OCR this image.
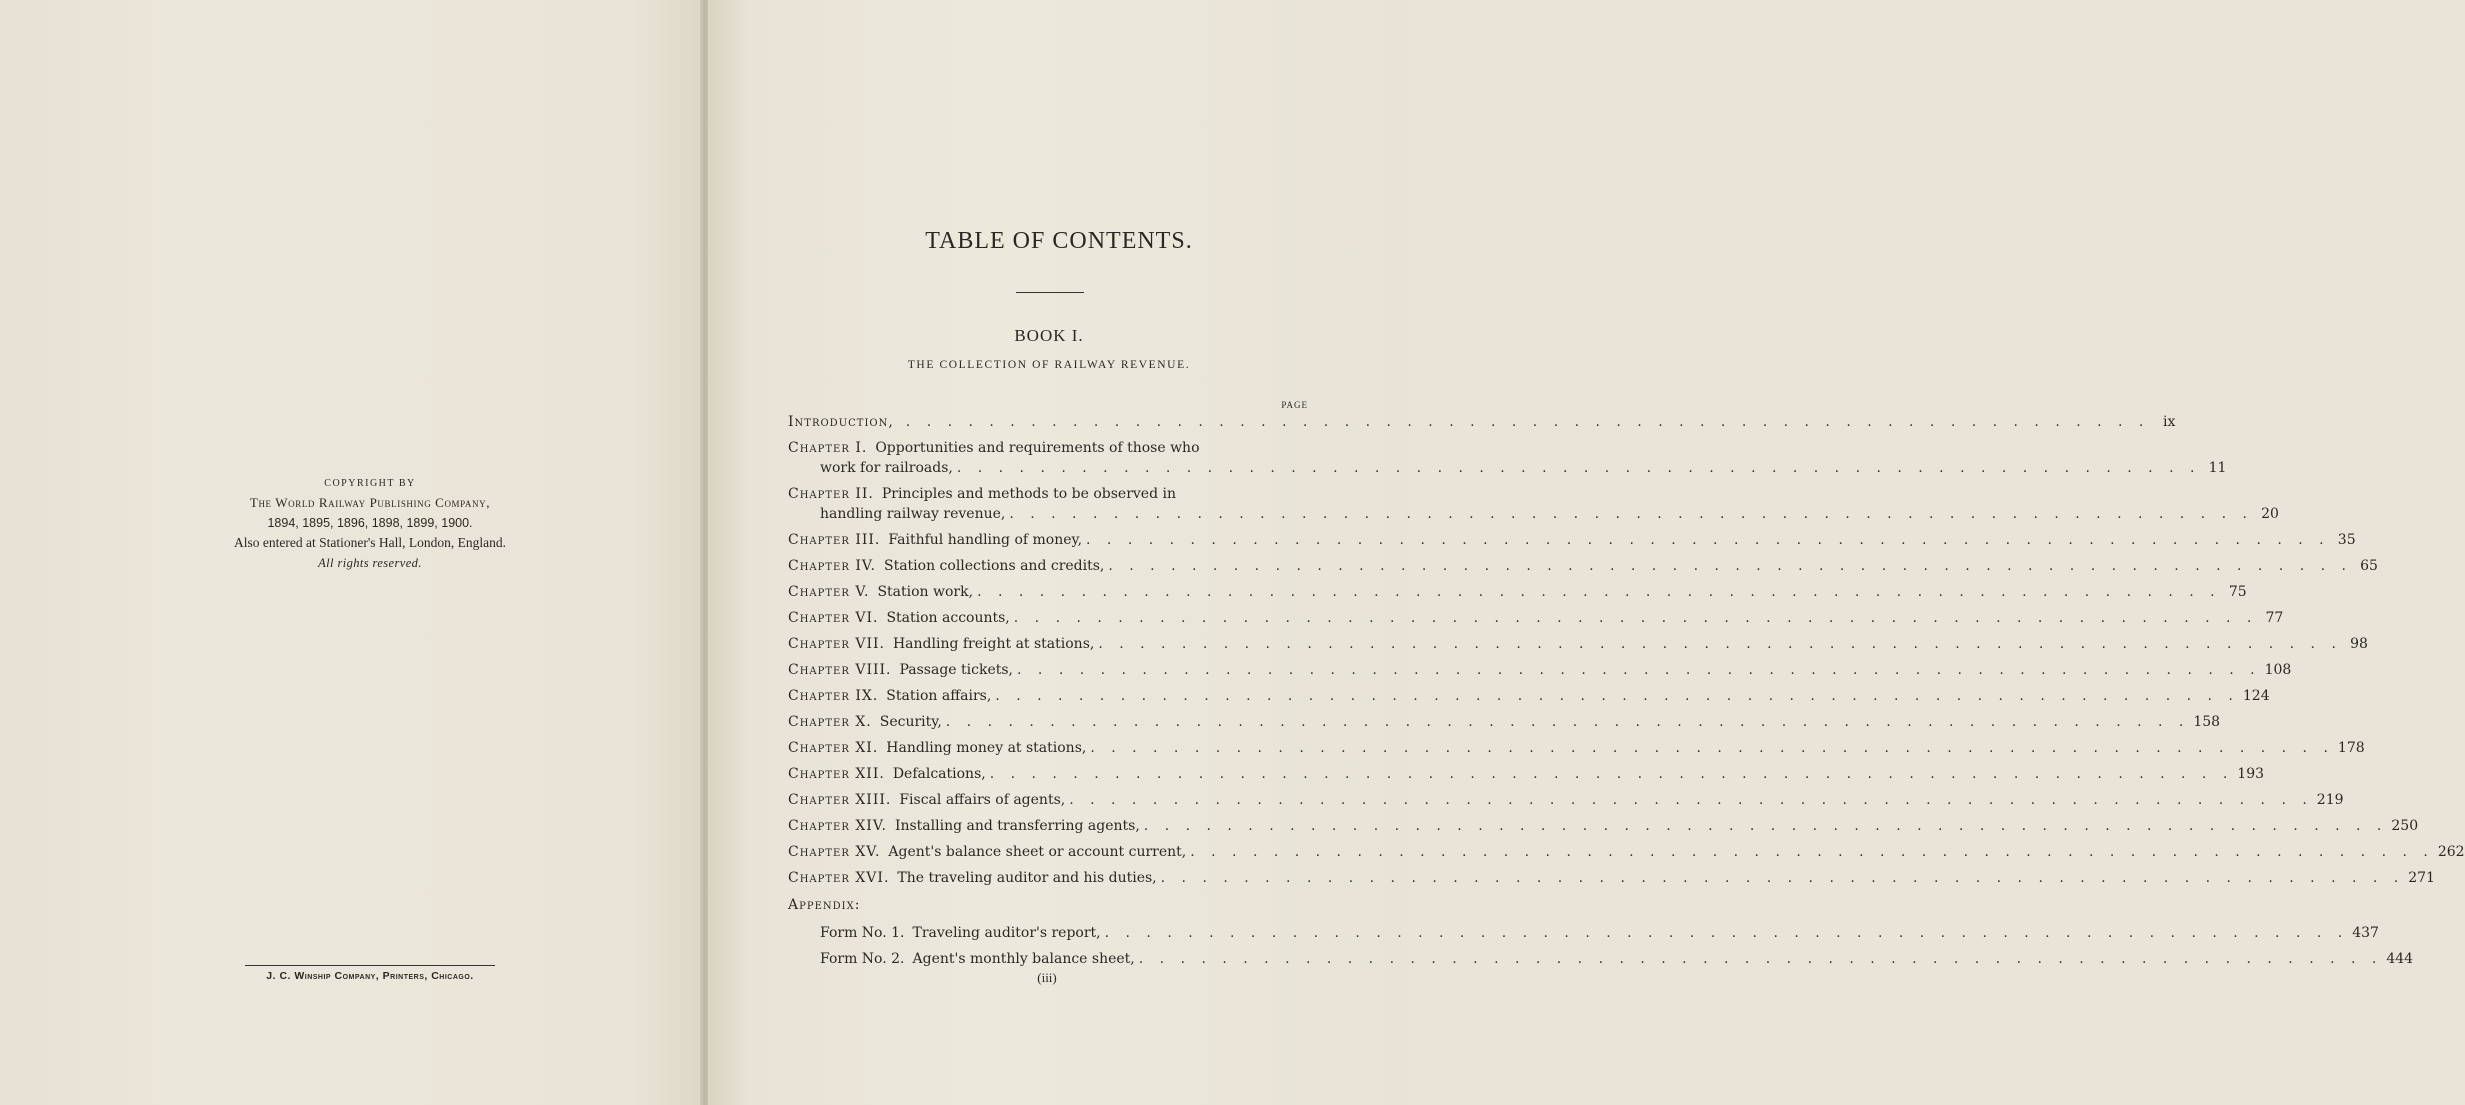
COPYRIGHT BY
The World Railway Publishing Company,
1894, 1895, 1896, 1898, 1899, 1900.
Also entered at Stationer's Hall, London, England.
All rights reserved.
J. C. Winship Company, Printers, Chicago.
TABLE OF CONTENTS.
BOOK I.
THE COLLECTION OF RAILWAY REVENUE.
PAGE
Introduction, . . . . . . . . . . . . . . . . . . . . . . . . . . . . . . . . . . . . . . . . . . . . . . . . . . . . . . . . . . . . ix
Chapter I. Opportunities and requirements of those who
work for railroads, . . . . . . . . . . . . . . . . . . . . . . . . . . . . . . . . . . . . . . . . . . . . . . . . . . . . . . . . . . . . 11
Chapter II. Principles and methods to be observed in
handling railway revenue, . . . . . . . . . . . . . . . . . . . . . . . . . . . . . . . . . . . . . . . . . . . . . . . . . . . . . . . . . . . . 20
Chapter III. Faithful handling of money, . . . . . . . . . . . . . . . . . . . . . . . . . . . . . . . . . . . . . . . . . . . . . . . . . . . . . . . . . . . . 35
Chapter IV. Station collections and credits, . . . . . . . . . . . . . . . . . . . . . . . . . . . . . . . . . . . . . . . . . . . . . . . . . . . . . . . . . . . . 65
Chapter V. Station work, . . . . . . . . . . . . . . . . . . . . . . . . . . . . . . . . . . . . . . . . . . . . . . . . . . . . . . . . . . . . 75
Chapter VI. Station accounts, . . . . . . . . . . . . . . . . . . . . . . . . . . . . . . . . . . . . . . . . . . . . . . . . . . . . . . . . . . . . 77
Chapter VII. Handling freight at stations, . . . . . . . . . . . . . . . . . . . . . . . . . . . . . . . . . . . . . . . . . . . . . . . . . . . . . . . . . . . . 98
Chapter VIII. Passage tickets, . . . . . . . . . . . . . . . . . . . . . . . . . . . . . . . . . . . . . . . . . . . . . . . . . . . . . . . . . . . . 108
Chapter IX. Station affairs, . . . . . . . . . . . . . . . . . . . . . . . . . . . . . . . . . . . . . . . . . . . . . . . . . . . . . . . . . . . . 124
Chapter X. Security, . . . . . . . . . . . . . . . . . . . . . . . . . . . . . . . . . . . . . . . . . . . . . . . . . . . . . . . . . . . . 158
Chapter XI. Handling money at stations, . . . . . . . . . . . . . . . . . . . . . . . . . . . . . . . . . . . . . . . . . . . . . . . . . . . . . . . . . . . . 178
Chapter XII. Defalcations, . . . . . . . . . . . . . . . . . . . . . . . . . . . . . . . . . . . . . . . . . . . . . . . . . . . . . . . . . . . . 193
Chapter XIII. Fiscal affairs of agents, . . . . . . . . . . . . . . . . . . . . . . . . . . . . . . . . . . . . . . . . . . . . . . . . . . . . . . . . . . . . 219
Chapter XIV. Installing and transferring agents, . . . . . . . . . . . . . . . . . . . . . . . . . . . . . . . . . . . . . . . . . . . . . . . . . . . . . . . . . . . . 250
Chapter XV. Agent's balance sheet or account current, . . . . . . . . . . . . . . . . . . . . . . . . . . . . . . . . . . . . . . . . . . . . . . . . . . . . . . . . . . . . 262
Chapter XVI. The traveling auditor and his duties, . . . . . . . . . . . . . . . . . . . . . . . . . . . . . . . . . . . . . . . . . . . . . . . . . . . . . . . . . . . . 271
Form No. 1. Traveling auditor's report, . . . . . . . . . . . . . . . . . . . . . . . . . . . . . . . . . . . . . . . . . . . . . . . . . . . . . . . . . . . . 437
Form No. 2. Agent's monthly balance sheet, . . . . . . . . . . . . . . . . . . . . . . . . . . . . . . . . . . . . . . . . . . . . . . . . . . . . . . . . . . . . 444
Appendix:
(iii)
